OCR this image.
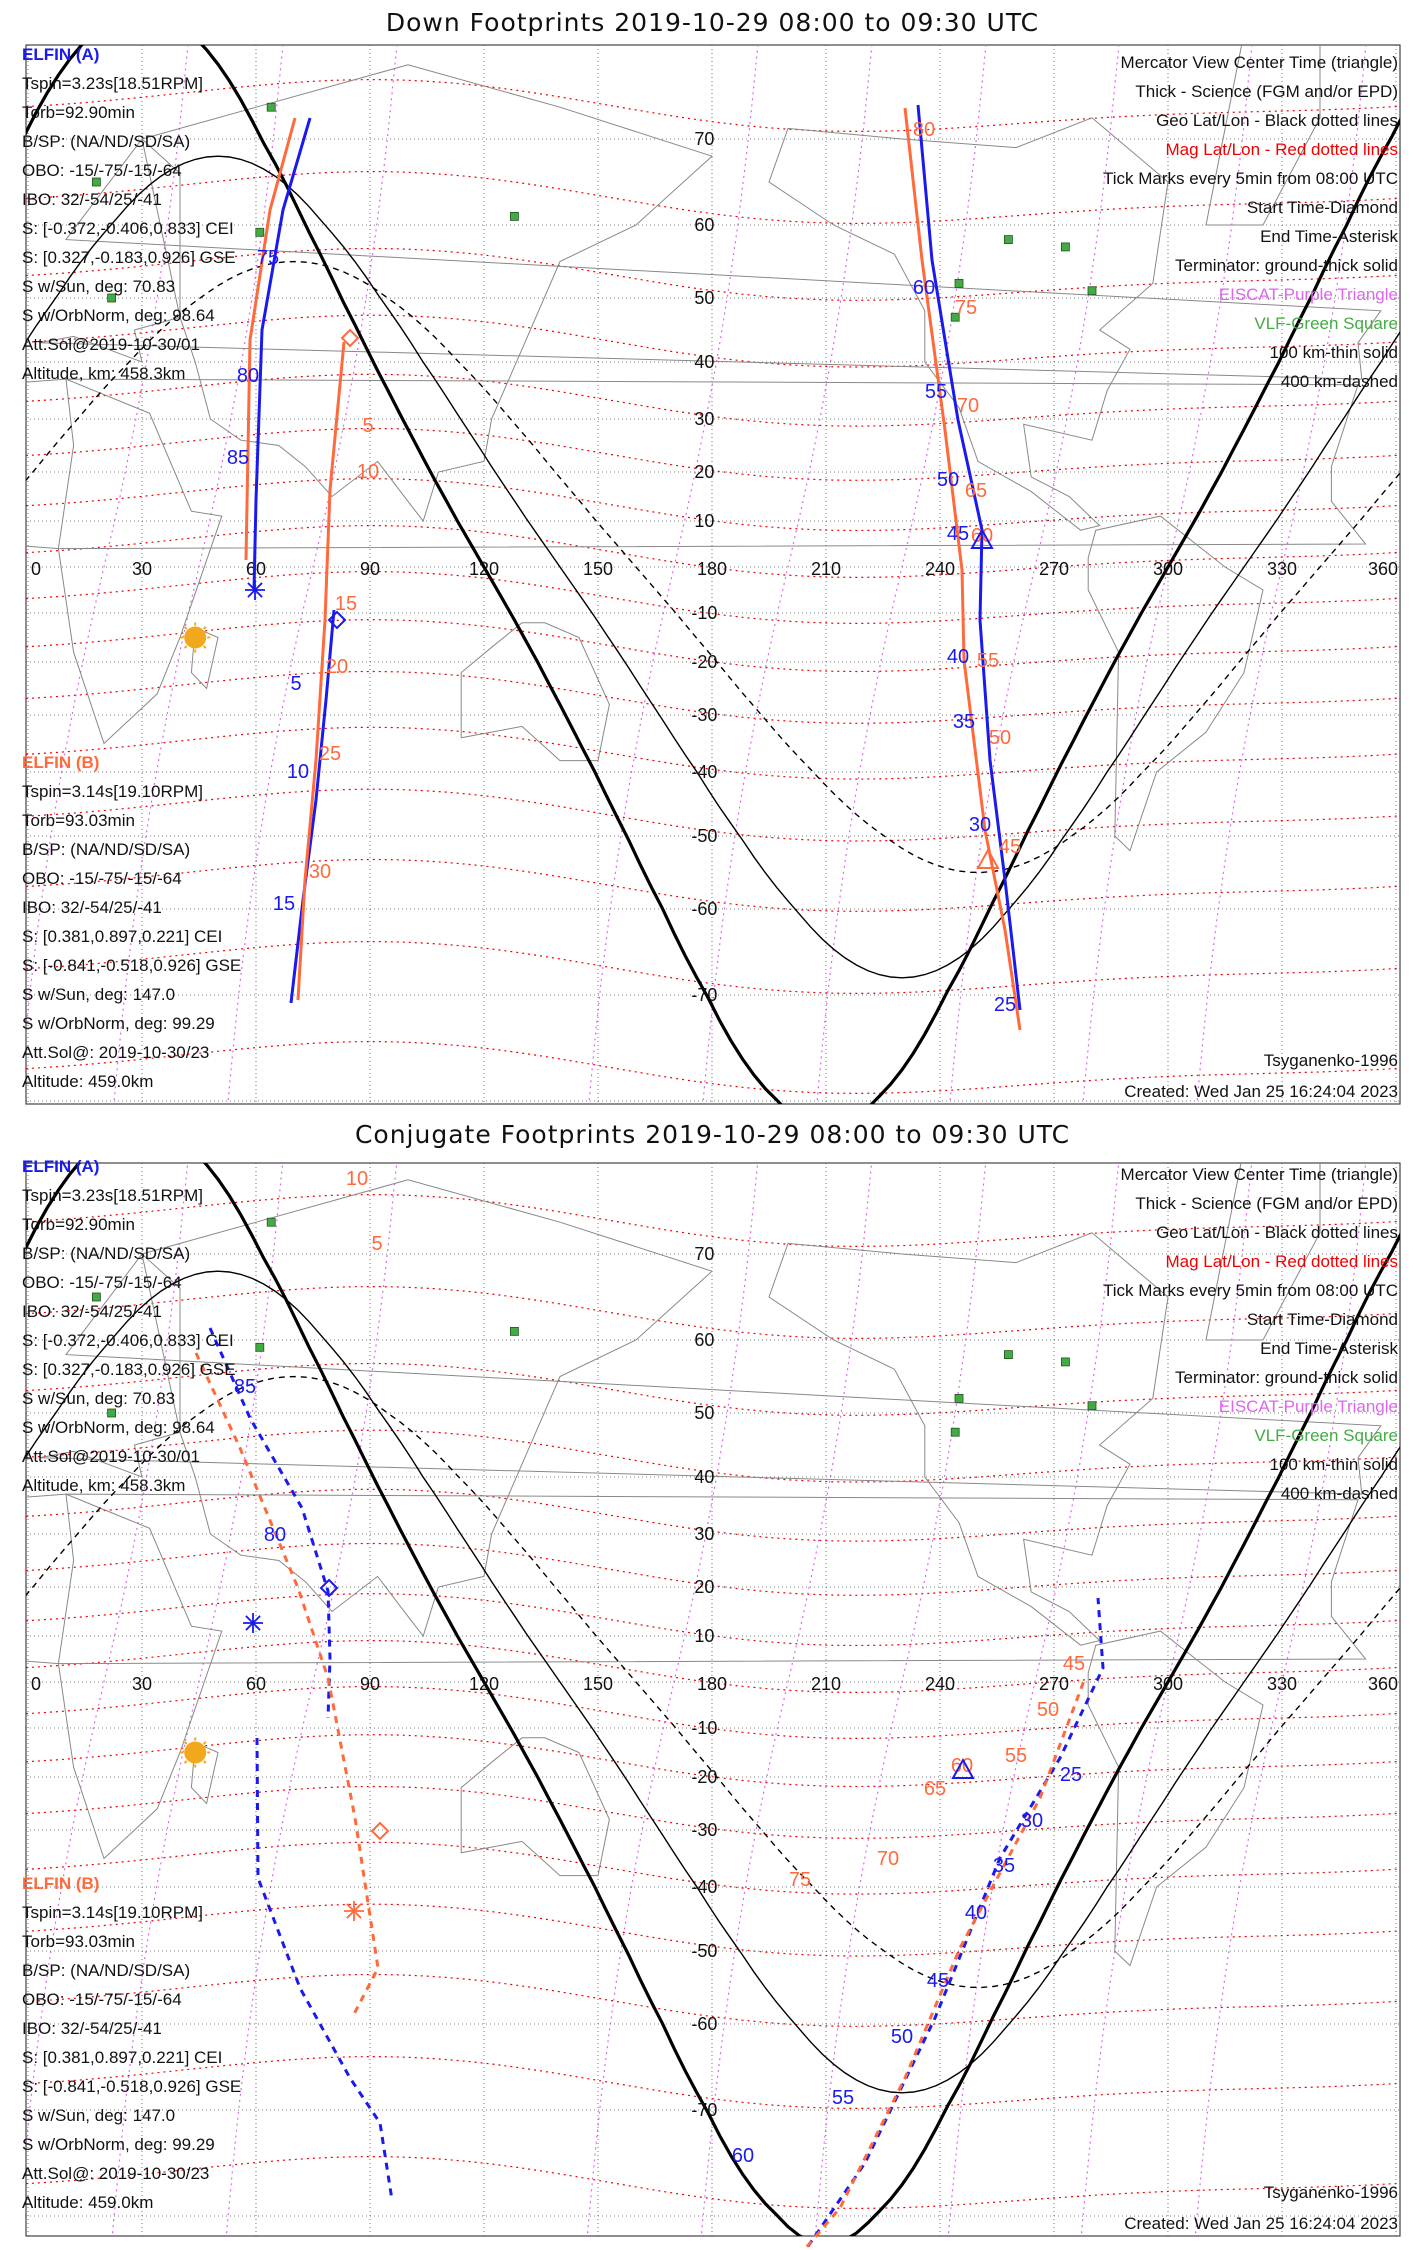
Down Footprints 2019-10-29 08:00 to 09:30 UTC
0	30	60	90	120	150	180	210	240	270	300	330	360
70
60
50
40
30
20
10
-10
-20
-30
-40
-50
-60
-70
75
80
85
5
10
15
60
55
50
45
40
35
30
25
5
10
15
20
25
30
80
75
70
65
60
55
50
45
ELFIN (A)
Tspin=3.23s[18.51RPM]
Torb=92.90min
B/SP: (NA/ND/SD/SA)
OBO: -15/-75/-15/-64
IBO: 32/-54/25/-41
S: [-0.372,-0.406,0.833] CEI
S: [0.327,-0.183,0.926] GSE
S w/Sun, deg: 70.83
S w/OrbNorm, deg: 98.64
Att.Sol@2019-10-30/01
Altitude, km: 458.3km
ELFIN (B)
Tspin=3.14s[19.10RPM]
Torb=93.03min
B/SP: (NA/ND/SD/SA)
OBO: -15/-75/-15/-64
IBO: 32/-54/25/-41
S: [0.381,0.897,0.221] CEI
S: [-0.841,-0.518,0.926] GSE
S w/Sun, deg: 147.0
S w/OrbNorm, deg: 99.29
Att.Sol@: 2019-10-30/23
Altitude: 459.0km
Mercator View Center Time (triangle)
Thick - Science (FGM and/or EPD)
Geo Lat/Lon - Black dotted lines
Mag Lat/Lon - Red dotted lines
Tick Marks every 5min from 08:00 UTC
Start Time-Diamond
End Time-Asterisk
Terminator: ground-thick solid
EISCAT-Purple Triangle
VLF-Green Square
100 km-thin solid
400 km-dashed
Tsyganenko-1996
Created: Wed Jan 25 16:24:04 2023
Conjugate Footprints 2019-10-29 08:00 to 09:30 UTC
0	30	60	90	120	150	180	210	240	270	300	330	360
70
60
50
40
30
20
10
-10
-20
-30
-40
-50
-60
-70
85
80
60
55
50
45
40
35
30
25
10
5
75
70
65
60 55
50
45
ELFIN (A)
Tspin=3.23s[18.51RPM]
Torb=92.90min
B/SP: (NA/ND/SD/SA)
OBO: -15/-75/-15/-64
IBO: 32/-54/25/-41
S: [-0.372,-0.406,0.833] CEI
S: [0.327,-0.183,0.926] GSE
S w/Sun, deg: 70.83
S w/OrbNorm, deg: 98.64
Att.Sol@2019-10-30/01
Altitude, km: 458.3km
ELFIN (B)
Tspin=3.14s[19.10RPM]
Torb=93.03min
B/SP: (NA/ND/SD/SA)
OBO: -15/-75/-15/-64
IBO: 32/-54/25/-41
S: [0.381,0.897,0.221] CEI
S: [-0.841,-0.518,0.926] GSE
S w/Sun, deg: 147.0
S w/OrbNorm, deg: 99.29
Att.Sol@: 2019-10-30/23
Altitude: 459.0km
Mercator View Center Time (triangle)
Thick - Science (FGM and/or EPD)
Geo Lat/Lon - Black dotted lines
Mag Lat/Lon - Red dotted lines
Tick Marks every 5min from 08:00 UTC
Start Time-Diamond
End Time-Asterisk
Terminator: ground-thick solid
EISCAT-Purple Triangle
VLF-Green Square
100 km-thin solid
400 km-dashed
Tsyganenko-1996
Created: Wed Jan 25 16:24:04 2023
